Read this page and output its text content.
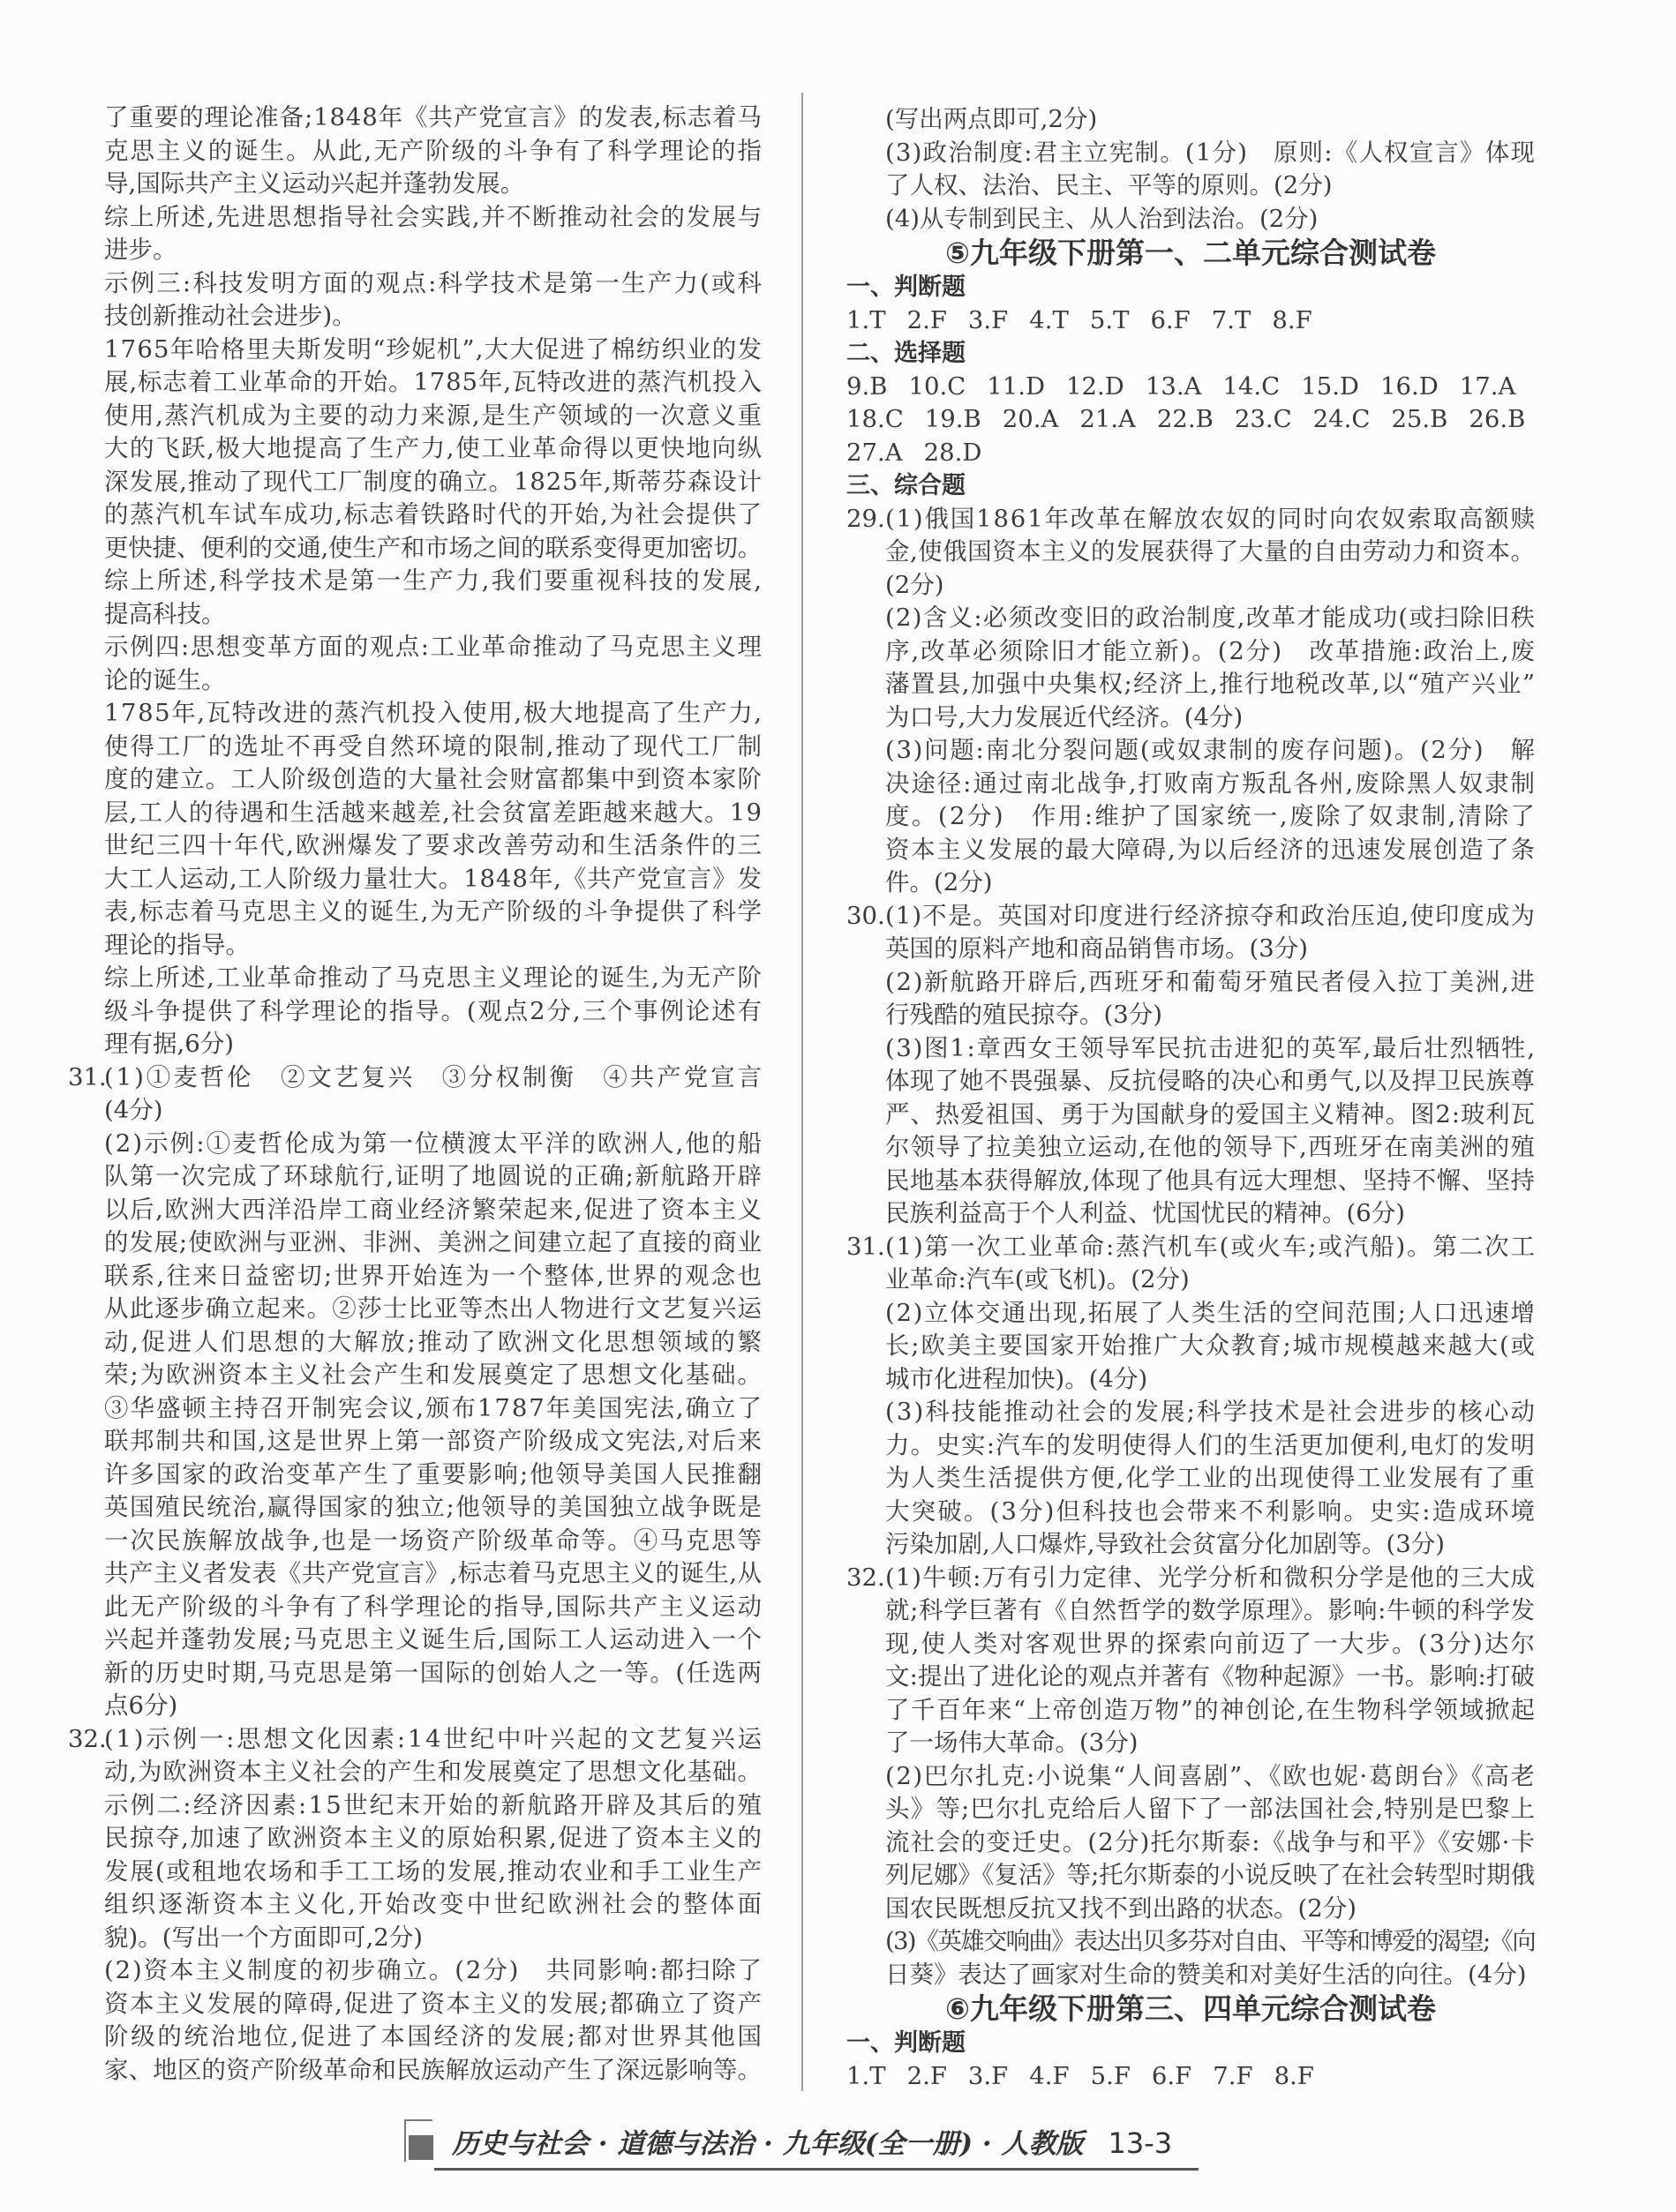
了重要的理论准备;1848年《共产党宣言》的发表,标志着马
克思主义的诞生。从此,无产阶级的斗争有了科学理论的指
导,国际共产主义运动兴起并蓬勃发展。
综上所述,先进思想指导社会实践,并不断推动社会的发展与
进步。
示例三:科技发明方面的观点:科学技术是第一生产力(或科
技创新推动社会进步)。
1765年哈格里夫斯发明“珍妮机”,大大促进了棉纺织业的发
展,标志着工业革命的开始。1785年,瓦特改进的蒸汽机投入
使用,蒸汽机成为主要的动力来源,是生产领域的一次意义重
大的飞跃,极大地提高了生产力,使工业革命得以更快地向纵
深发展,推动了现代工厂制度的确立。1825年,斯蒂芬森设计
的蒸汽机车试车成功,标志着铁路时代的开始,为社会提供了
更快捷、便利的交通,使生产和市场之间的联系变得更加密切。
综上所述,科学技术是第一生产力,我们要重视科技的发展,
提高科技。
示例四:思想变革方面的观点:工业革命推动了马克思主义理
论的诞生。
1785年,瓦特改进的蒸汽机投入使用,极大地提高了生产力,
使得工厂的选址不再受自然环境的限制,推动了现代工厂制
度的建立。工人阶级创造的大量社会财富都集中到资本家阶
层,工人的待遇和生活越来越差,社会贫富差距越来越大。19
世纪三四十年代,欧洲爆发了要求改善劳动和生活条件的三
大工人运动,工人阶级力量壮大。1848年,《共产党宣言》发
表,标志着马克思主义的诞生,为无产阶级的斗争提供了科学
理论的指导。
综上所述,工业革命推动了马克思主义理论的诞生,为无产阶
级斗争提供了科学理论的指导。(观点2分,三个事例论述有
理有据,6分)
31.
(1)①麦哲伦　②文艺复兴　③分权制衡　④共产党宣言
(4分)
(2)示例:①麦哲伦成为第一位横渡太平洋的欧洲人,他的船
队第一次完成了环球航行,证明了地圆说的正确;新航路开辟
以后,欧洲大西洋沿岸工商业经济繁荣起来,促进了资本主义
的发展;使欧洲与亚洲、非洲、美洲之间建立起了直接的商业
联系,往来日益密切;世界开始连为一个整体,世界的观念也
从此逐步确立起来。②莎士比亚等杰出人物进行文艺复兴运
动,促进人们思想的大解放;推动了欧洲文化思想领域的繁
荣;为欧洲资本主义社会产生和发展奠定了思想文化基础。
③华盛顿主持召开制宪会议,颁布1787年美国宪法,确立了
联邦制共和国,这是世界上第一部资产阶级成文宪法,对后来
许多国家的政治变革产生了重要影响;他领导美国人民推翻
英国殖民统治,赢得国家的独立;他领导的美国独立战争既是
一次民族解放战争,也是一场资产阶级革命等。④马克思等
共产主义者发表《共产党宣言》,标志着马克思主义的诞生,从
此无产阶级的斗争有了科学理论的指导,国际共产主义运动
兴起并蓬勃发展;马克思主义诞生后,国际工人运动进入一个
新的历史时期,马克思是第一国际的创始人之一等。(任选两
点6分)
32.
(1)示例一:思想文化因素:14世纪中叶兴起的文艺复兴运
动,为欧洲资本主义社会的产生和发展奠定了思想文化基础。
示例二:经济因素:15世纪末开始的新航路开辟及其后的殖
民掠夺,加速了欧洲资本主义的原始积累,促进了资本主义的
发展(或租地农场和手工工场的发展,推动农业和手工业生产
组织逐渐资本主义化,开始改变中世纪欧洲社会的整体面
貌)。(写出一个方面即可,2分)
(2)资本主义制度的初步确立。(2分)　共同影响:都扫除了
资本主义发展的障碍,促进了资本主义的发展;都确立了资产
阶级的统治地位,促进了本国经济的发展;都对世界其他国
家、地区的资产阶级革命和民族解放运动产生了深远影响等。
(写出两点即可,2分)
(3)政治制度:君主立宪制。(1分)　原则:《人权宣言》体现
了人权、法治、民主、平等的原则。(2分)
(4)从专制到民主、从人治到法治。(2分)
⑤九年级下册第一、二单元综合测试卷
一、判断题
1.T 2.F 3.F 4.T 5.T 6.F 7.T 8.F
二、选择题
9.B 10.C 11.D 12.D 13.A 14.C 15.D 16.D 17.A
18.C 19.B 20.A 21.A 22.B 23.C 24.C 25.B 26.B
27.A 28.D
三、综合题
29. (1)俄国1861年改革在解放农奴的同时向农奴索取高额赎
金,使俄国资本主义的发展获得了大量的自由劳动力和资本。
(2分)
(2)含义:必须改变旧的政治制度,改革才能成功(或扫除旧秩
序,改革必须除旧才能立新)。(2分)　改革措施:政治上,废
藩置县,加强中央集权;经济上,推行地税改革,以“殖产兴业”
为口号,大力发展近代经济。(4分)
(3)问题:南北分裂问题(或奴隶制的废存问题)。(2分)　解
决途径:通过南北战争,打败南方叛乱各州,废除黑人奴隶制
度。(2分)　作用:维护了国家统一,废除了奴隶制,清除了
资本主义发展的最大障碍,为以后经济的迅速发展创造了条
件。(2分)
30. (1)不是。英国对印度进行经济掠夺和政治压迫,使印度成为
英国的原料产地和商品销售市场。(3分)
(2)新航路开辟后,西班牙和葡萄牙殖民者侵入拉丁美洲,进
行残酷的殖民掠夺。(3分)
(3)图1:章西女王领导军民抗击进犯的英军,最后壮烈牺牲,
体现了她不畏强暴、反抗侵略的决心和勇气,以及捍卫民族尊
严、热爱祖国、勇于为国献身的爱国主义精神。图2:玻利瓦
尔领导了拉美独立运动,在他的领导下,西班牙在南美洲的殖
民地基本获得解放,体现了他具有远大理想、坚持不懈、坚持
民族利益高于个人利益、忧国忧民的精神。(6分)
31. (1)第一次工业革命:蒸汽机车(或火车;或汽船)。第二次工
业革命:汽车(或飞机)。(2分)
(2)立体交通出现,拓展了人类生活的空间范围;人口迅速增
长;欧美主要国家开始推广大众教育;城市规模越来越大(或
城市化进程加快)。(4分)
(3)科技能推动社会的发展;科学技术是社会进步的核心动
力。史实:汽车的发明使得人们的生活更加便利,电灯的发明
为人类生活提供方便,化学工业的出现使得工业发展有了重
大突破。(3分)但科技也会带来不利影响。史实:造成环境
污染加剧,人口爆炸,导致社会贫富分化加剧等。(3分)
32. (1)牛顿:万有引力定律、光学分析和微积分学是他的三大成
就;科学巨著有《自然哲学的数学原理》。影响:牛顿的科学发
现,使人类对客观世界的探索向前迈了一大步。(3分)达尔
文:提出了进化论的观点并著有《物种起源》一书。影响:打破
了千百年来“上帝创造万物”的神创论,在生物科学领域掀起
了一场伟大革命。(3分)
(2)巴尔扎克:小说集“人间喜剧”、《欧也妮·葛朗台》《高老
头》等;巴尔扎克给后人留下了一部法国社会,特别是巴黎上
流社会的变迁史。(2分)托尔斯泰:《战争与和平》《安娜·卡
列尼娜》《复活》等;托尔斯泰的小说反映了在社会转型时期俄
国农民既想反抗又找不到出路的状态。(2分)
(3)《英雄交响曲》表达出贝多芬对自由、平等和博爱的渴望;《向
日葵》表达了画家对生命的赞美和对美好生活的向往。(4分)
⑥九年级下册第三、四单元综合测试卷
一、判断题
1.T 2.F 3.F 4.F 5.F 6.F 7.F 8.F
历史与社会 · 道德与法治 · 九年级(全一册) · 人教版 13-3
